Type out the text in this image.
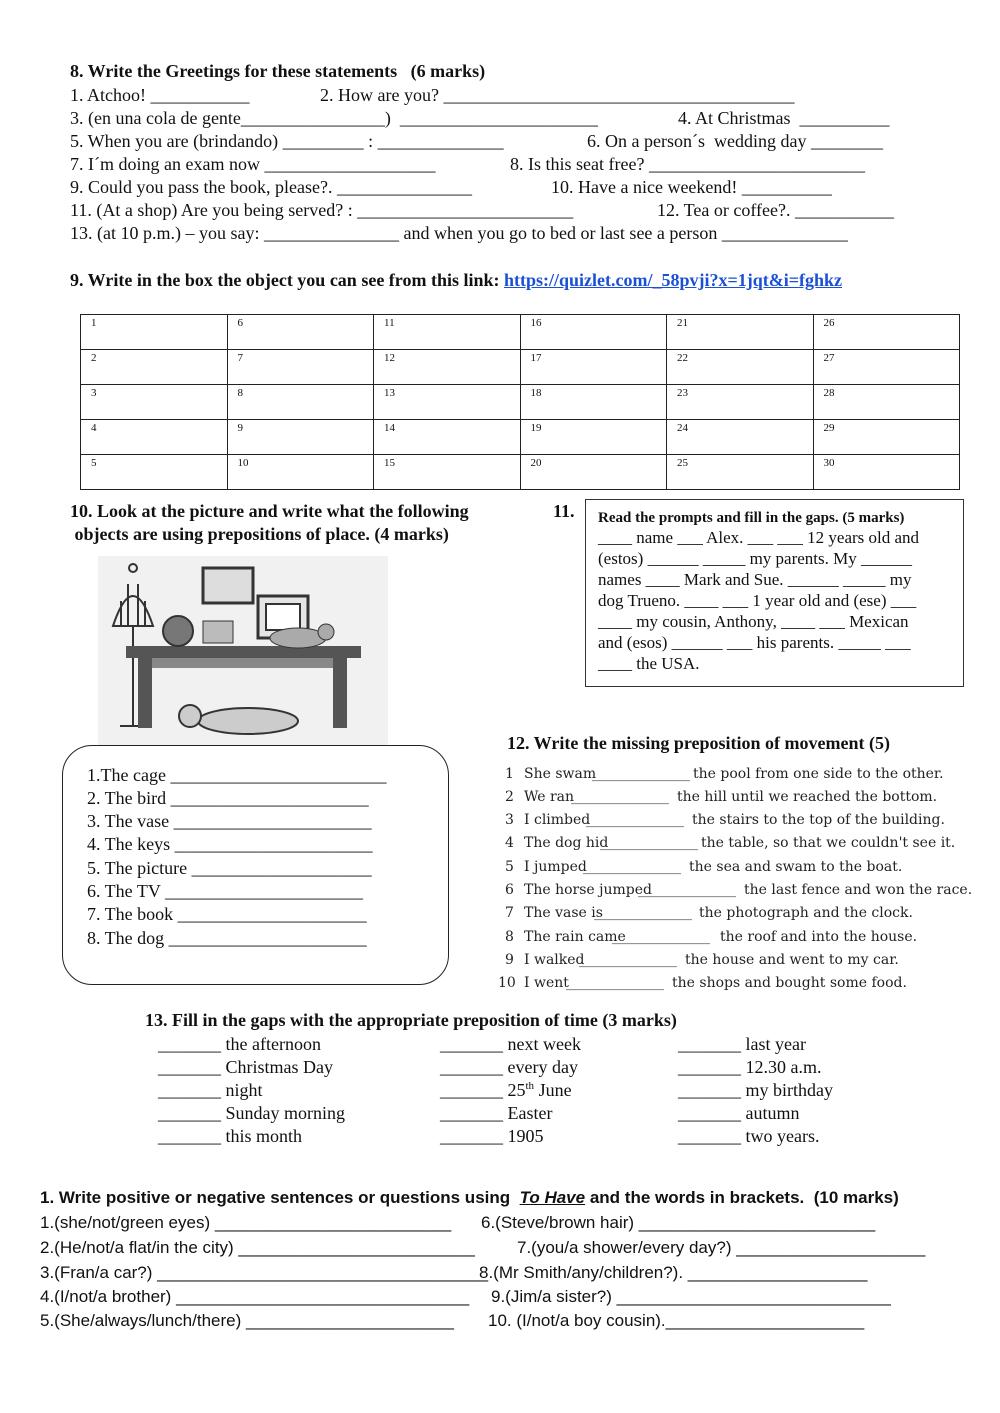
8. Write the Greetings for these statements   (6 marks)
1. Atchoo! ___________	2. How are you? _______________________________________
3. (en una cola de gente________________)  ______________________	4. At Christmas  __________
5. When you are (brindando) _________ : ______________	6. On a person´s  wedding day ________
7. I´m doing an exam now ___________________	8. Is this seat free? ________________________
9. Could you pass the book, please?. _______________	10. Have a nice weekend! __________
11. (At a shop) Are you being served? : ________________________	12. Tea or coffee?. ___________
13. (at 10 p.m.) – you say: _______________ and when you go to bed or last see a person ______________
9. Write in the box the object you can see from this link: https://quizlet.com/_58pvji?x=1jqt&i=fghkz
1	6	11	16	21	26
2	7	12	17	22	27
3	8	13	18	23	28
4	9	14	19	24	29
5	10	15	20	25	30
10. Look at the picture and write what the following
objects are using prepositions of place. (4 marks)
1.The cage ________________________
2. The bird ______________________
3. The vase ______________________
4. The keys ______________________
5. The picture ____________________
6. The TV ______________________
7. The book _____________________
8. The dog ______________________
11. Read the prompts and fill in the gaps. (5 marks)
____ name ___ Alex. ___ ___ 12 years old and
(estos) ______ _____ my parents. My ______
names ____ Mark and Sue. ______ _____ my
dog Trueno. ____ ___ 1 year old and (ese) ___
____ my cousin, Anthony, ____ ___ Mexican
and (esos) ______ ___ his parents. _____ ___
____ the USA.
12. Write the missing preposition of movement (5)
1 She swam
______________ the pool from one side to the other.
2 We ran
______________ the hill until we reached the bottom.
3 I climbed
______________ the stairs to the top of the building.
4 The dog hid
______________ the table, so that we couldn't see it.
5 I jumped
______________ the sea and swam to the boat.
6 The horse jumped
______________ the last fence and won the race.
7 The vase is
______________ the photograph and the clock.
8 The rain came
______________ the roof and into the house.
9 I walked
______________ the house and went to my car.
10 I went
______________ the shops and bought some food.
13. Fill in the gaps with the appropriate preposition of time (3 marks)
_______ the afternoon
_______ Christmas Day
_______ night
_______ Sunday morning
_______ this month
_______ next week
_______ every day
_______ 25th June
_______ Easter
_______ 1905
_______ last year
_______ 12.30 a.m.
_______ my birthday
_______ autumn
_______ two years.
1. Write positive or negative sentences or questions using  To Have and the words in brackets.  (10 marks)
1.(she/not/green eyes) _________________________ 6.(Steve/brown hair) _________________________
2.(He/not/a flat/in the city) _________________________ 7.(you/a shower/every day?) ____________________
3.(Fran/a car?) ___________________________________
8.(Mr Smith/any/children?). ___________________
4.(I/not/a brother) _______________________________ 9.(Jim/a sister?) _____________________________
5.(She/always/lunch/there) ______________________ 10. (I/not/a boy cousin)._____________________
